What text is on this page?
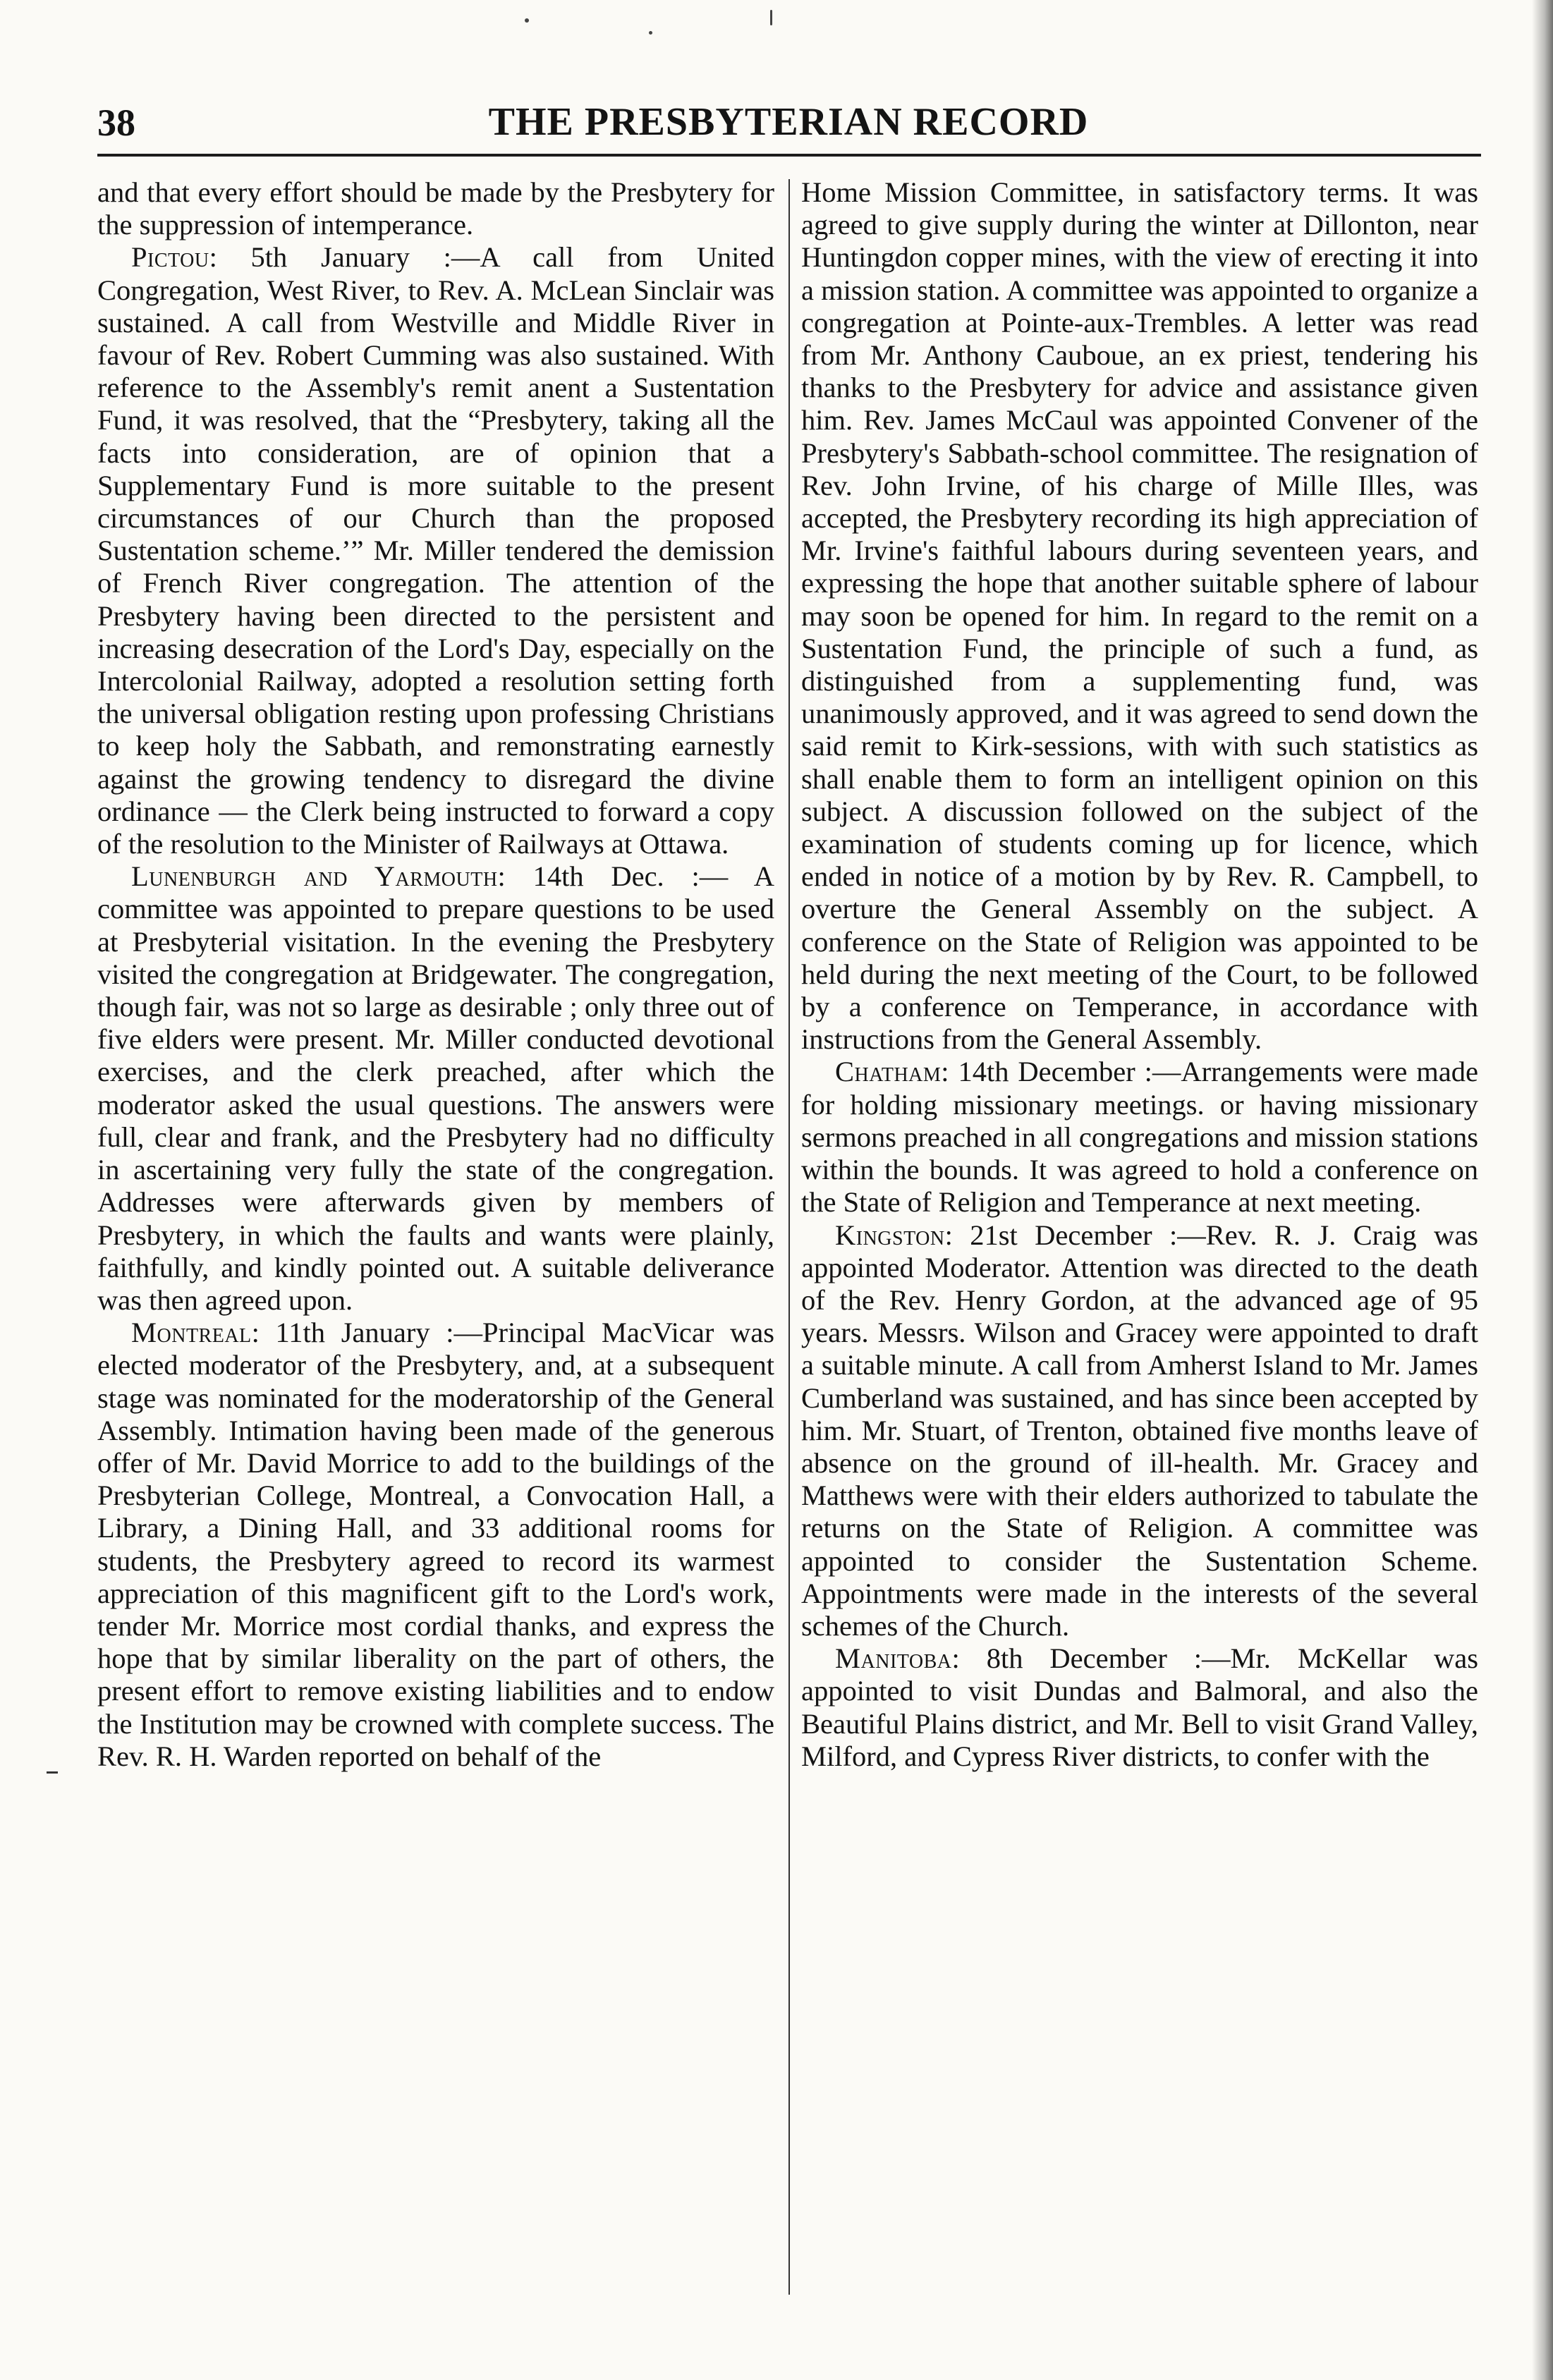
38	THE PRESBYTERIAN RECORD

and that every effort should be made by the Presbytery for the suppression of intemperance.

Pictou: 5th January :—A call from United Congregation, West River, to Rev. A. McLean Sinclair was sustained. A call from Westville and Middle River in favour of Rev. Robert Cumming was also sustained. With reference to the Assembly's remit anent a Sustentation Fund, it was resolved, that the “Presbytery, taking all the facts into consideration, are of opinion that a Supplementary Fund is more suitable to the present circumstances of our Church than the proposed Sustentation scheme.’” Mr. Miller tendered the demission of French River congregation. The attention of the Presbytery having been directed to the persistent and increasing desecration of the Lord's Day, especially on the Intercolonial Railway, adopted a resolution setting forth the universal obligation resting upon professing Christians to keep holy the Sabbath, and remonstrating earnestly against the growing tendency to disregard the divine ordinance — the Clerk being instructed to forward a copy of the resolution to the Minister of Railways at Ottawa.

Lunenburgh and Yarmouth: 14th Dec. :— A committee was appointed to prepare questions to be used at Presbyterial visitation. In the evening the Presbytery visited the congregation at Bridgewater. The congregation, though fair, was not so large as desirable ; only three out of five elders were present. Mr. Miller conducted devotional exercises, and the clerk preached, after which the moderator asked the usual questions. The answers were full, clear and frank, and the Presbytery had no difficulty in ascertaining very fully the state of the congregation. Addresses were afterwards given by members of Presbytery, in which the faults and wants were plainly, faithfully, and kindly pointed out. A suitable deliverance was then agreed upon.

Montreal: 11th January :—Principal MacVicar was elected moderator of the Presbytery, and, at a subsequent stage was nominated for the moderatorship of the General Assembly. Intimation having been made of the generous offer of Mr. David Morrice to add to the buildings of the Presbyterian College, Montreal, a Convocation Hall, a Library, a Dining Hall, and 33 additional rooms for students, the Presbytery agreed to record its warmest appreciation of this magnificent gift to the Lord's work, tender Mr. Morrice most cordial thanks, and express the hope that by similar liberality on the part of others, the present effort to remove existing liabilities and to endow the Institution may be crowned with complete success. The Rev. R. H. Warden reported on behalf of the

Home Mission Committee, in satisfactory terms. It was agreed to give supply during the winter at Dillonton, near Huntingdon copper mines, with the view of erecting it into a mission station. A committee was appointed to organize a congregation at Pointe-aux-Trembles. A letter was read from Mr. Anthony Cauboue, an ex priest, tendering his thanks to the Presbytery for advice and assistance given him. Rev. James McCaul was appointed Convener of the Presbytery's Sabbath-school committee. The resignation of Rev. John Irvine, of his charge of Mille Illes, was accepted, the Presbytery recording its high appreciation of Mr. Irvine's faithful labours during seventeen years, and expressing the hope that another suitable sphere of labour may soon be opened for him. In regard to the remit on a Sustentation Fund, the principle of such a fund, as distinguished from a supplementing fund, was unanimously approved, and it was agreed to send down the said remit to Kirk-sessions, with with such statistics as shall enable them to form an intelligent opinion on this subject. A discussion followed on the subject of the examination of students coming up for licence, which ended in notice of a motion by by Rev. R. Campbell, to overture the General Assembly on the subject. A conference on the State of Religion was appointed to be held during the next meeting of the Court, to be followed by a conference on Temperance, in accordance with instructions from the General Assembly.

Chatham: 14th December :—Arrangements were made for holding missionary meetings. or having missionary sermons preached in all congregations and mission stations within the bounds. It was agreed to hold a conference on the State of Religion and Temperance at next meeting.

Kingston: 21st December :—Rev. R. J. Craig was appointed Moderator. Attention was directed to the death of the Rev. Henry Gordon, at the advanced age of 95 years. Messrs. Wilson and Gracey were appointed to draft a suitable minute. A call from Amherst Island to Mr. James Cumberland was sustained, and has since been accepted by him. Mr. Stuart, of Trenton, obtained five months leave of absence on the ground of ill-health. Mr. Gracey and Matthews were with their elders authorized to tabulate the returns on the State of Religion. A committee was appointed to consider the Sustentation Scheme. Appointments were made in the interests of the several schemes of the Church.

Manitoba: 8th December :—Mr. McKellar was appointed to visit Dundas and Balmoral, and also the Beautiful Plains district, and Mr. Bell to visit Grand Valley, Milford, and Cypress River districts, to confer with the
